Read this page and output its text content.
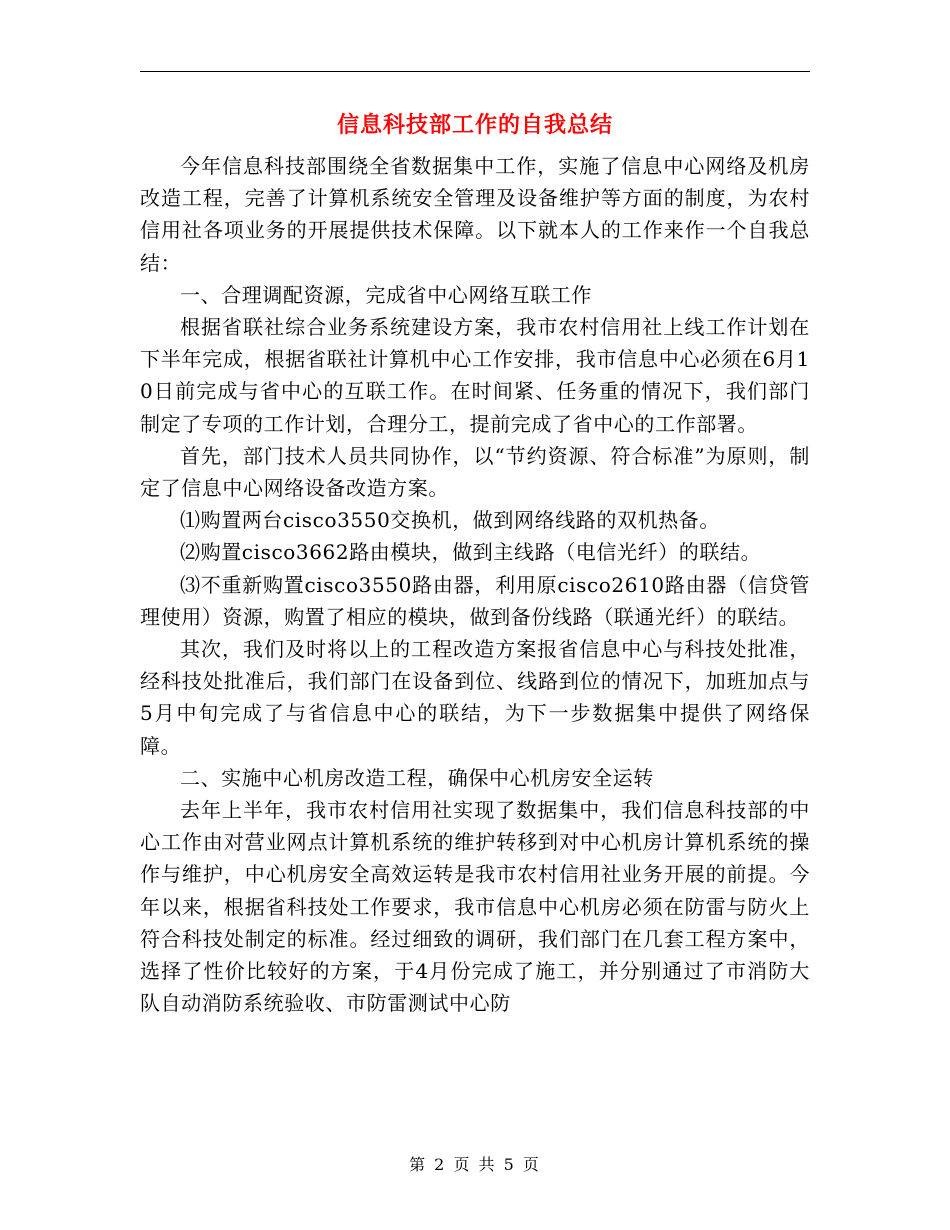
信息科技部工作的自我总结

今年信息科技部围绕全省数据集中工作，实施了信息中心网络及机房改造工程，完善了计算机系统安全管理及设备维护等方面的制度，为农村信用社各项业务的开展提供技术保障。以下就本人的工作来作一个自我总结：

一、合理调配资源，完成省中心网络互联工作

根据省联社综合业务系统建设方案，我市农村信用社上线工作计划在下半年完成，根据省联社计算机中心工作安排，我市信息中心必须在6月10日前完成与省中心的互联工作。在时间紧、任务重的情况下，我们部门制定了专项的工作计划，合理分工，提前完成了省中心的工作部署。

首先，部门技术人员共同协作，以“节约资源、符合标准”为原则，制定了信息中心网络设备改造方案。

⑴购置两台cisco3550交换机，做到网络线路的双机热备。

⑵购置cisco3662路由模块，做到主线路（电信光纤）的联结。

⑶不重新购置cisco3550路由器，利用原cisco2610路由器（信贷管理使用）资源，购置了相应的模块，做到备份线路（联通光纤）的联结。

其次，我们及时将以上的工程改造方案报省信息中心与科技处批准，经科技处批准后，我们部门在设备到位、线路到位的情况下，加班加点与5月中旬完成了与省信息中心的联结，为下一步数据集中提供了网络保障。

二、实施中心机房改造工程，确保中心机房安全运转

去年上半年，我市农村信用社实现了数据集中，我们信息科技部的中心工作由对营业网点计算机系统的维护转移到对中心机房计算机系统的操作与维护，中心机房安全高效运转是我市农村信用社业务开展的前提。今年以来，根据省科技处工作要求，我市信息中心机房必须在防雷与防火上符合科技处制定的标准。经过细致的调研，我们部门在几套工程方案中，选择了性价比较好的方案，于4月份完成了施工，并分别通过了市消防大队自动消防系统验收、市防雷测试中心防

第 2 页 共 5 页
